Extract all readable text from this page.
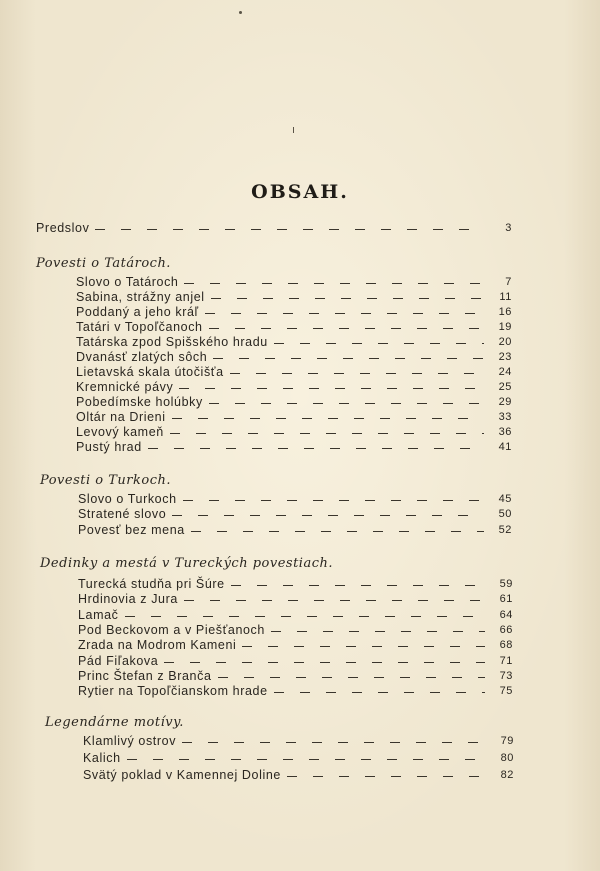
OBSAH.
Predslov	3
Povesti o Tatároch.
Slovo o Tatároch	7
Sabina, strážny anjel	11
Poddaný a jeho kráľ	16
Tatári v Topoľčanoch	19
Tatárska zpod Spišského hradu	20
Dvanásť zlatých sôch	23
Lietavská skala útočišťa	24
Kremnické pávy	25
Pobedímske holúbky	29
Oltár na Drieni	33
Levový kameň	36
Pustý hrad	41
Povesti o Turkoch.
Slovo o Turkoch	45
Stratené slovo	50
Povesť bez mena	52
Dedinky a mestá v Tureckých povestiach.
Turecká studňa pri Šúre	59
Hrdinovia z Jura	61
Lamač	64
Pod Beckovom a v Piešťanoch	66
Zrada na Modrom Kameni	68
Pád Fiľakova	71
Princ Štefan z Branča	73
Rytier na Topoľčianskom hrade	75
Legendárne motívy.
Klamlivý ostrov	79
Kalich	80
Svätý poklad v Kamennej Doline	82
